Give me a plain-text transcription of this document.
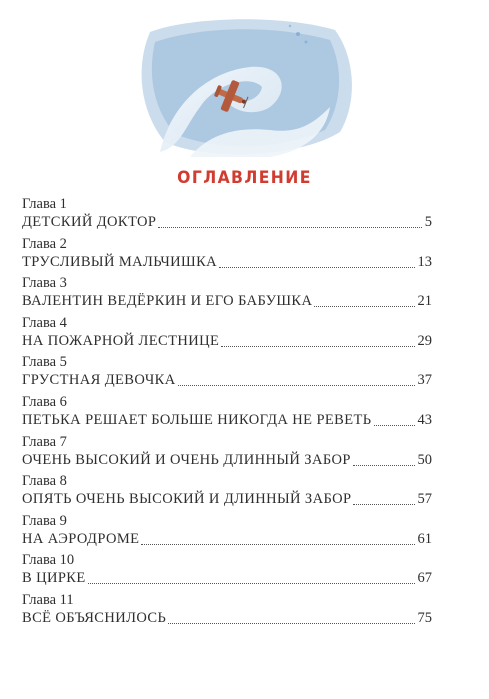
ОГЛАВЛЕНИЕ
Глава 1
ДЕТСКИЙ ДОКТОР	5
Глава 2
ТРУСЛИВЫЙ МАЛЬЧИШКА	13
Глава 3
ВАЛЕНТИН ВЕДЁРКИН И ЕГО БАБУШКА	21
Глава 4
НА ПОЖАРНОЙ ЛЕСТНИЦЕ	29
Глава 5
ГРУСТНАЯ ДЕВОЧКА	37
Глава 6
ПЕТЬКА РЕШАЕТ БОЛЬШЕ НИКОГДА НЕ РЕВЕТЬ	43
Глава 7
ОЧЕНЬ ВЫСОКИЙ И ОЧЕНЬ ДЛИННЫЙ ЗАБОР	50
Глава 8
ОПЯТЬ ОЧЕНЬ ВЫСОКИЙ И ДЛИННЫЙ ЗАБОР	57
Глава 9
НА АЭРОДРОМЕ	61
Глава 10
В ЦИРКЕ	67
Глава 11
ВСЁ ОБЪЯСНИЛОСЬ	75
